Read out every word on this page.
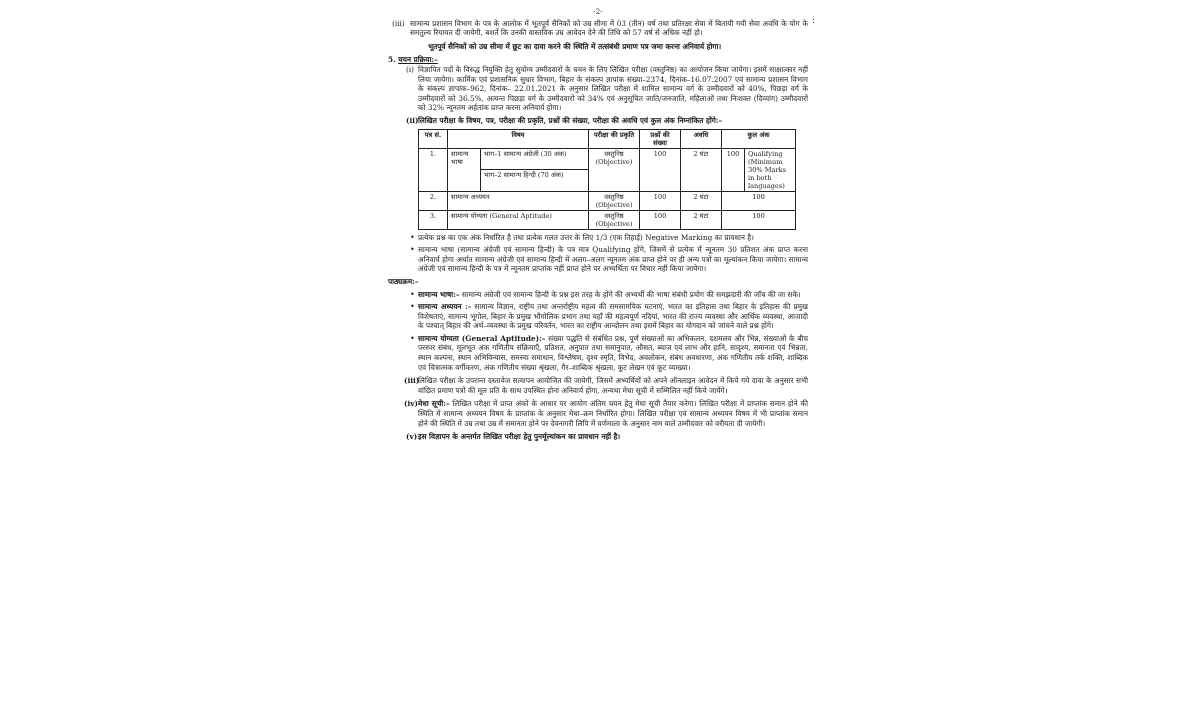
:
-2-
(iii) सामान्य प्रशासन विभाग के पत्र के आलोक में भूतपूर्व सैनिकों को उम्र सीमा में 03 (तीन) वर्ष तथा प्रतिरक्षा सेवा में बितायी गयी सेवा अवधि के योग के समतुल्य रियायत दी जायेगी, बशर्ते कि उनकी वास्तविक उम्र आवेदन देने की तिथि को 57 वर्ष से अधिक नहीं हो।
भूतपूर्व सैनिकों को उम्र सीमा में छूट का दावा करने की स्थिति में तत्संबंधी प्रमाण पत्र जमा करना अनिवार्य होगा।
5. चयन प्रक्रिया:–
(i) विज्ञापित पदों के विरुद्ध नियुक्ति हेतु सुयोग्य उम्मीदवारों के चयन के लिए लिखित परीक्षा (वस्तुनिष्ठ) का आयोजन किया जायेगा। इसमें साक्षात्कार नहीं लिया जायेगा। कार्मिक एवं प्रशासनिक सुधार विभाग, बिहार के संकल्प ज्ञापांक संख्या–2374, दिनांक–16.07.2007 एवं सामान्य प्रशासन विभाग के संकल्प ज्ञापांक–962, दिनांक– 22.01.2021 के अनुसार लिखित परीक्षा में शामिल सामान्य वर्ग के उम्मीदवारों को 40%, पिछड़ा वर्ग के उम्मीदवारों को 36.5%, अत्यन्त पिछड़ा वर्ग के उम्मीदवारों को 34% एवं अनुसूचित जाति/जनजाति, महिलाओं तथा निःशक्त (दिव्यांग) उम्मीदवारों को 32% न्यूनतम अर्हतांक प्राप्त करना अनिवार्य होगा।
(ii) लिखित परीक्षा के विषय, पत्र, परीक्षा की प्रकृति, प्रश्नों की संख्या, परीक्षा की अवधि एवं कुल अंक निम्नांकित होंगे:–
पत्र सं.	विषय		परीक्षा की प्रकृति	प्रश्नों की संख्या	अवधि	कुल अंक	
1.	सामान्य भाषा	भाग–1 सामान्य अंग्रेजी (30 अंक)	वस्तुनिष्ठ (Objective)	100	2 घंटा	100	Qualifying (Minimum 30% Marks in both languages)
		भाग–2 सामान्य हिन्दी (70 अंक)					
2.	सामान्य अध्ययन		वस्तुनिष्ठ (Objective)	100	2 घंटा	100	
3.	सामान्य योग्यता (General Aptitude)		वस्तुनिष्ठ (Objective)	100	2 घंटा	100	
• प्रत्येक प्रश्न का एक अंक निर्धारित है तथा प्रत्येक गलत उत्तर के लिए 1/3 (एक तिहाई) Negative Marking का प्रावधान है।
• सामान्य भाषा (सामान्य अंग्रेजी एवं सामान्य हिन्दी) के पत्र मात्र Qualifying होंगे, जिसमें से प्रत्येक में न्यूनतम 30 प्रतिशत अंक प्राप्त करना अनिवार्य होगा अर्थात सामान्य अंग्रेजी एवं सामान्य हिन्दी में अलग–अलग न्यूनतम अंक प्राप्त होने पर ही अन्य पत्रों का मूल्यांकन किया जायेगा। सामान्य अंग्रेजी एवं सामान्य हिन्दी के पत्र में न्यूनतम प्राप्तांक नहीं प्राप्त होने पर अभ्यर्थिता पर विचार नहीं किया जायेगा।
पाठ्यक्रम:–
• सामान्य भाषा:– सामान्य अंग्रेजी एवं सामान्य हिन्दी के प्रश्न इस तरह के होंगे की अभ्यर्थी की भाषा संबंधी प्रयोग की समझदारी की जाँच की जा सके।
• सामान्य अध्ययन :– सामान्य विज्ञान, राष्ट्रीय तथा अन्तर्राष्ट्रीय महत्व की समसामयिक घटनाएं, भारत का इतिहास तथा बिहार के इतिहास की प्रमुख विशेषताएं, सामान्य भूगोल, बिहार के प्रमुख भौगोलिक प्रभाग तथा यहाँ की महत्वपूर्ण नदियां, भारत की राज्य व्यवस्था और आर्थिक व्यवस्था, आजादी के पश्चात् बिहार की अर्थ–व्यवस्था के प्रमुख परिवर्तन, भारत का राष्ट्रीय आन्दोलन तथा इसमें बिहार का योगदान को जांचने वाले प्रश्न होंगे।
• सामान्य योग्यता (General Aptitude):– संख्या पद्धति से संबंधित प्रश्न, पूर्ण संख्याओं का अभिकलन, दशमलव और भिन्न, संख्याओं के बीच परस्पर संबंध, मूलभूत अंक गणितीय संक्रियाएँ, प्रतिशत, अनुपात तथा समानुपात, औसत, ब्याज एवं लाभ और हानि, सादृश्य, समानता एवं भिन्नता, स्थान कल्पना, स्थान अभिविन्यास, समस्या समाधान, विश्लेषण, दृश्य स्मृति, विभेद, अवलोकन, संबंध अवधारणा, अंक गणितीय तर्क शक्ति, शाब्दिक एवं चित्रात्मक वर्गीकरण, अंक गणितीय संख्या श्रृंखला, गैर–शाब्दिक श्रृंखला, कूट लेखन एवं कूट व्याख्या।
(iii)
लिखित परीक्षा के उपरान्त दस्तावेज सत्यापन आयोजित की जायेगी, जिसमें अभ्यर्थियों को अपने ऑनलाइन आवेदन में किये गये दावा के अनुसार सभी वांछित प्रमाण पत्रों की मूल प्रति के साथ उपस्थित होना अनिवार्य होगा, अन्यथा मेधा सूची में सम्मिलित नहीं किये जायेंगे।
(iv) मेधा सूची:– लिखित परीक्षा में प्राप्त अंकों के आधार पर आयोग अंतिम चयन हेतु मेधा सूची तैयार करेगा। लिखित परीक्षा में प्राप्तांक समान होने की स्थिति में सामान्य अध्ययन विषय के प्राप्तांक के अनुसार मेधा–क्रम निर्धारित होगा। लिखित परीक्षा एवं सामान्य अध्ययन विषय में भी प्राप्तांक समान होने की स्थिति में उम्र तथा उम्र में समानता होने पर देवनागरी लिपि में वर्णमाला के अनुसार नाम वाले उम्मीदवार को वरीयता दी जायेगी।
(v) इस विज्ञापन के अन्तर्गत लिखित परीक्षा हेतु पुनर्मूल्यांकन का प्रावधान नहीं है।
